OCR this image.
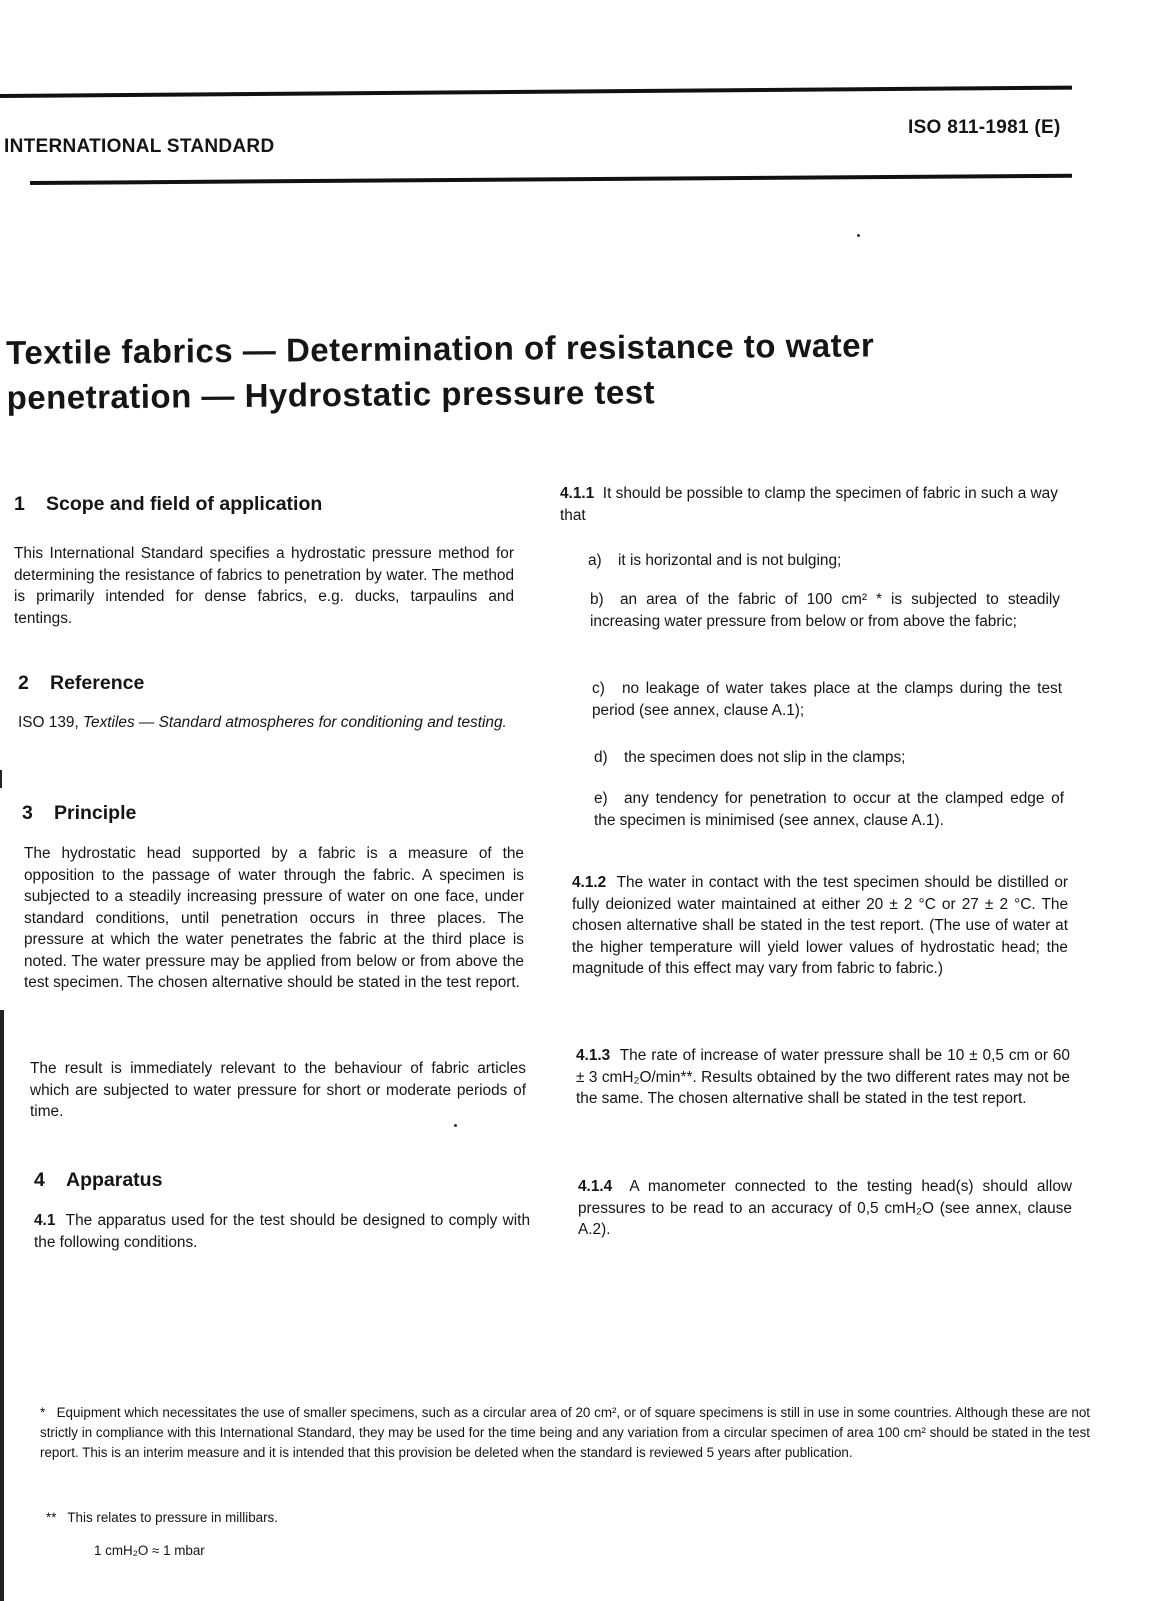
ISO 811-1981 (E)
INTERNATIONAL STANDARD
Textile fabrics — Determination of resistance to water
penetration — Hydrostatic pressure test
1 Scope and field of application
This International Standard specifies a hydrostatic pressure method for determining the resistance of fabrics to penetration by water. The method is primarily intended for dense fabrics, e.g. ducks, tarpaulins and tentings.
2 Reference
ISO 139, Textiles — Standard atmospheres for conditioning and testing.
3 Principle
The hydrostatic head supported by a fabric is a measure of the opposition to the passage of water through the fabric. A specimen is subjected to a steadily increasing pressure of water on one face, under standard conditions, until penetration occurs in three places. The pressure at which the water penetrates the fabric at the third place is noted. The water pressure may be applied from below or from above the test specimen. The chosen alternative should be stated in the test report.
The result is immediately relevant to the behaviour of fabric articles which are subjected to water pressure for short or moderate periods of time.
4 Apparatus
4.1 The apparatus used for the test should be designed to comply with the following conditions.
4.1.1 It should be possible to clamp the specimen of fabric in such a way that
a) it is horizontal and is not bulging;
b) an area of the fabric of 100 cm² * is subjected to steadily increasing water pressure from below or from above the fabric;
c) no leakage of water takes place at the clamps during the test period (see annex, clause A.1);
d) the specimen does not slip in the clamps;
e) any tendency for penetration to occur at the clamped edge of the specimen is minimised (see annex, clause A.1).
4.1.2 The water in contact with the test specimen should be distilled or fully deionized water maintained at either 20 ± 2 °C or 27 ± 2 °C. The chosen alternative shall be stated in the test report. (The use of water at the higher temperature will yield lower values of hydrostatic head; the magnitude of this effect may vary from fabric to fabric.)
4.1.3 The rate of increase of water pressure shall be 10 ± 0,5 cm or 60 ± 3 cmH₂O/min**. Results obtained by the two different rates may not be the same. The chosen alternative shall be stated in the test report.
4.1.4 A manometer connected to the testing head(s) should allow pressures to be read to an accuracy of 0,5 cmH₂O (see annex, clause A.2).
* Equipment which necessitates the use of smaller specimens, such as a circular area of 20 cm², or of square specimens is still in use in some countries. Although these are not strictly in compliance with this International Standard, they may be used for the time being and any variation from a circular specimen of area 100 cm² should be stated in the test report. This is an interim measure and it is intended that this provision be deleted when the standard is reviewed 5 years after publication.
** This relates to pressure in millibars.
1 cmH₂O ≈ 1 mbar
